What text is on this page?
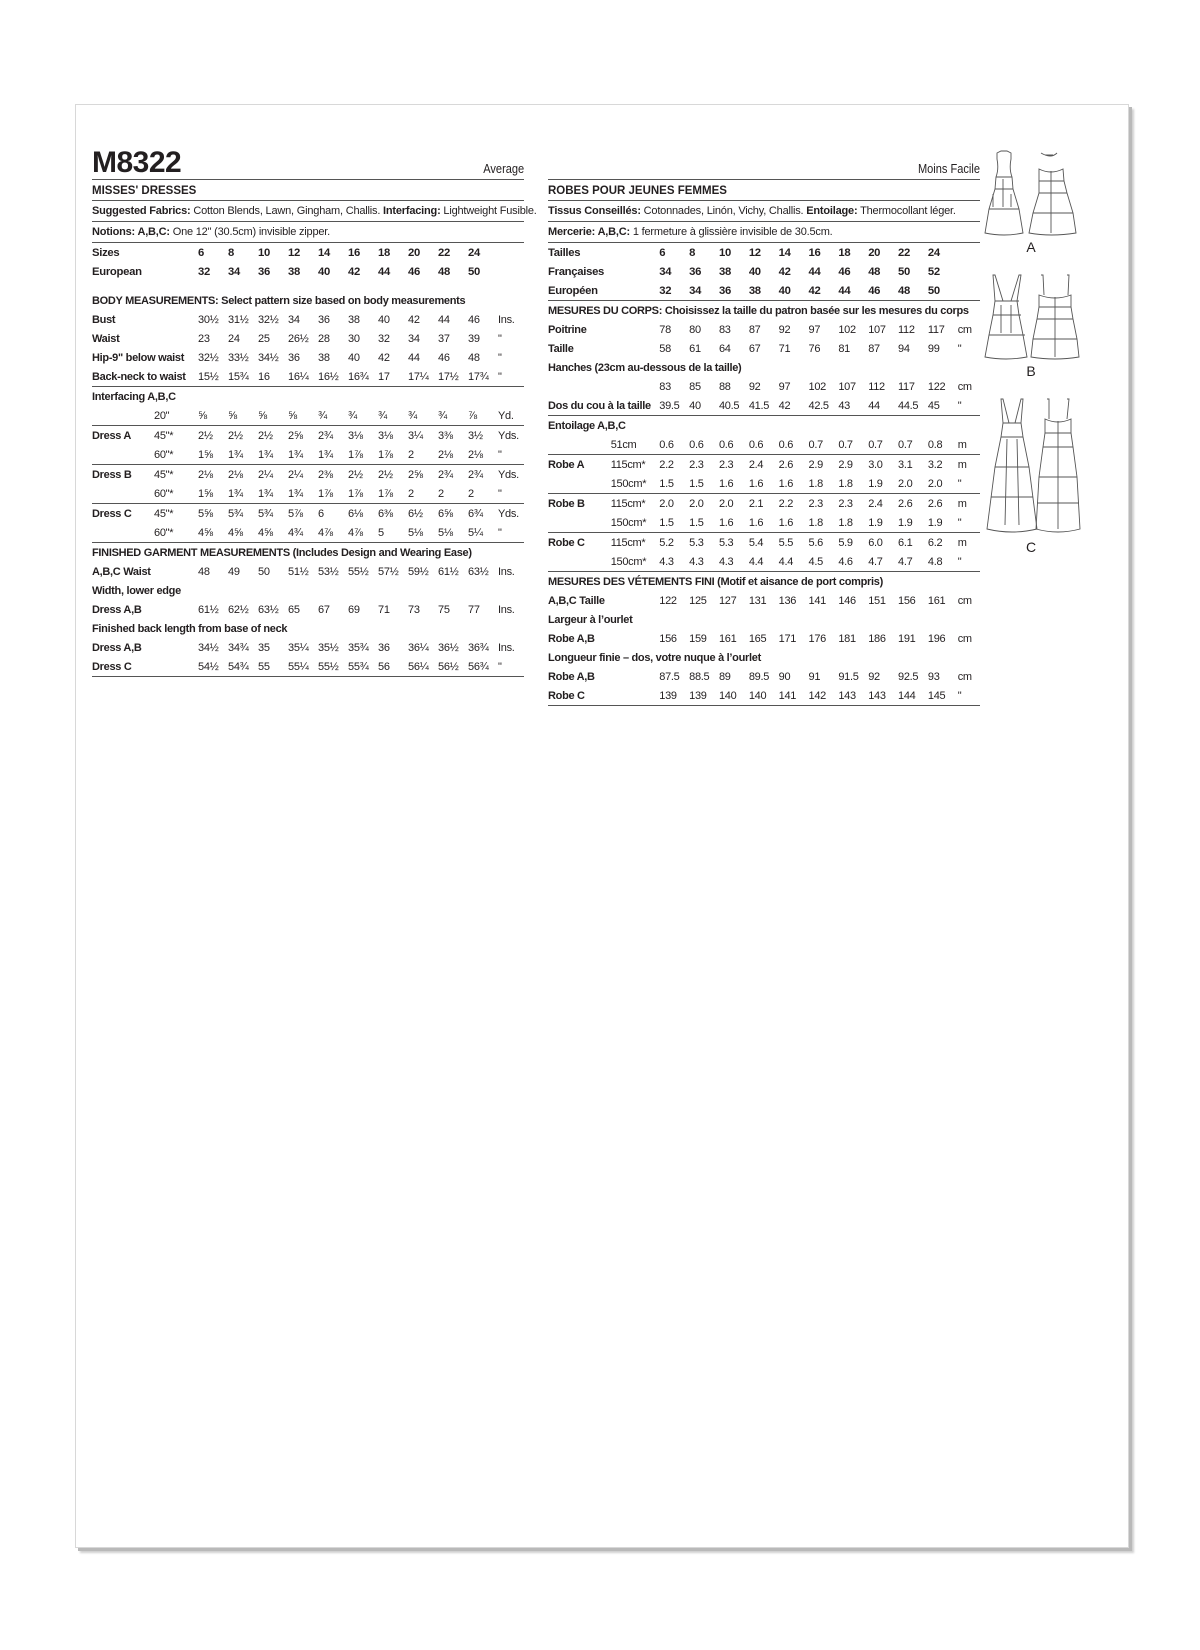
M8322	Average
MISSES' DRESSES
Suggested Fabrics: Cotton Blends, Lawn, Gingham, Challis. Interfacing: Lightweight Fusible.
Notions: A,B,C: One 12" (30.5cm) invisible zipper.
Sizes		6	8	10	12	14	16	18	20	22	24	
European		32	34	36	38	40	42	44	46	48	50	

BODY MEASUREMENTS: Select pattern size based on body measurements												
Bust		30½	31½	32½	34	36	38	40	42	44	46	Ins.
Waist		23	24	25	26½	28	30	32	34	37	39	"
Hip-9" below waist		32½	33½	34½	36	38	40	42	44	46	48	"
Back-neck to waist		15½	15¾	16	16¼	16½	16¾	17	17¼	17½	17¾	"
Interfacing A,B,C												
	20"	⅝	⅝	⅝	⅝	¾	¾	¾	¾	¾	⅞	Yd.
Dress A	45"*	2½	2½	2½	2⅝	2¾	3⅛	3⅛	3¼	3⅜	3½	Yds.
	60"*	1⅝	1¾	1¾	1¾	1¾	1⅞	1⅞	2	2⅛	2⅛	"
Dress B	45"*	2⅛	2⅛	2¼	2¼	2⅜	2½	2½	2⅝	2¾	2¾	Yds.
	60"*	1⅝	1¾	1¾	1¾	1⅞	1⅞	1⅞	2	2	2	"
Dress C	45"*	5⅝	5¾	5¾	5⅞	6	6⅛	6⅜	6½	6⅝	6¾	Yds.
	60"*	4⅝	4⅝	4⅝	4¾	4⅞	4⅞	5	5⅛	5⅛	5¼	"
FINISHED GARMENT MEASUREMENTS (Includes Design and Wearing Ease)												
A,B,C Waist		48	49	50	51½	53½	55½	57½	59½	61½	63½	Ins.
Width, lower edge												
Dress A,B		61½	62½	63½	65	67	69	71	73	75	77	Ins.
Finished back length from base of neck												
Dress A,B		34½	34¾	35	35¼	35½	35¾	36	36¼	36½	36¾	Ins.
Dress C		54½	54¾	55	55¼	55½	55¾	56	56¼	56½	56¾	"
Moins Facile
ROBES POUR JEUNES FEMMES
Tissus Conseillés: Cotonnades, Linón, Vichy, Challis. Entoilage: Thermocollant léger.
Mercerie: A,B,C: 1 fermeture à glissière invisible de 30.5cm.
Tailles		6	8	10	12	14	16	18	20	22	24	
Françaises		34	36	38	40	42	44	46	48	50	52	
Européen		32	34	36	38	40	42	44	46	48	50	
MESURES DU CORPS: Choisissez la taille du patron basée sur les mesures du corps												
Poitrine		78	80	83	87	92	97	102	107	112	117	cm
Taille		58	61	64	67	71	76	81	87	94	99	"
Hanches (23cm au-dessous de la taille)												
		83	85	88	92	97	102	107	112	117	122	cm
Dos du cou à la taille		39.5	40	40.5	41.5	42	42.5	43	44	44.5	45	"
Entoilage A,B,C												
	51cm	0.6	0.6	0.6	0.6	0.6	0.7	0.7	0.7	0.7	0.8	m
Robe A	115cm*	2.2	2.3	2.3	2.4	2.6	2.9	2.9	3.0	3.1	3.2	m
	150cm*	1.5	1.5	1.6	1.6	1.6	1.8	1.8	1.9	2.0	2.0	"
Robe B	115cm*	2.0	2.0	2.0	2.1	2.2	2.3	2.3	2.4	2.6	2.6	m
	150cm*	1.5	1.5	1.6	1.6	1.6	1.8	1.8	1.9	1.9	1.9	"
Robe C	115cm*	5.2	5.3	5.3	5.4	5.5	5.6	5.9	6.0	6.1	6.2	m
	150cm*	4.3	4.3	4.3	4.4	4.4	4.5	4.6	4.7	4.7	4.8	"
MESURES DES VÉTEMENTS FINI (Motif et aisance de port compris)												
A,B,C Taille		122	125	127	131	136	141	146	151	156	161	cm
Largeur à l’ourlet												
Robe A,B		156	159	161	165	171	176	181	186	191	196	cm
Longueur finie – dos, votre nuque à l’ourlet												
Robe A,B		87.5	88.5	89	89.5	90	91	91.5	92	92.5	93	cm
Robe C		139	139	140	140	141	142	143	143	144	145	"
A
B
C
